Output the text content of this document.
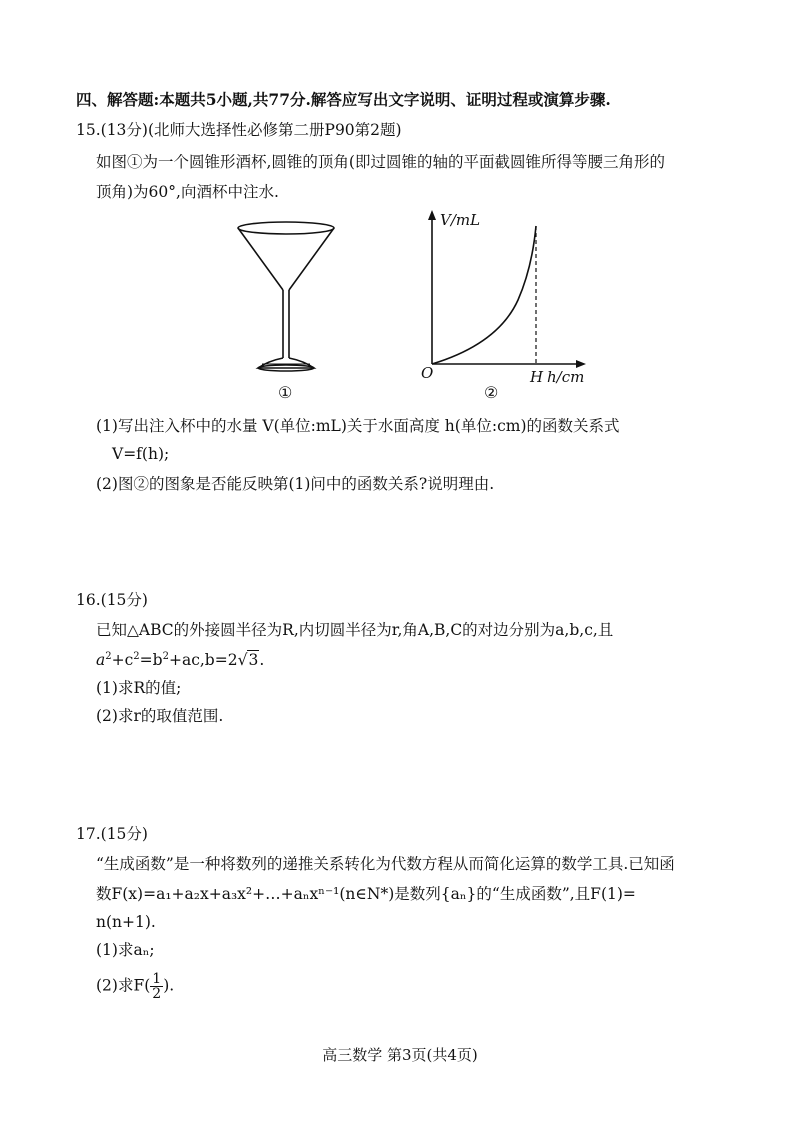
四、解答题:本题共5小题,共77分.解答应写出文字说明、证明过程或演算步骤.
15.(13分)(北师大选择性必修第二册P90第2题)
如图①为一个圆锥形酒杯,圆锥的顶角(即过圆锥的轴的平面截圆锥所得等腰三角形的
顶角)为60°,向酒杯中注水.
①
V/mL
O	H h/cm
②
(1)写出注入杯中的水量 V(单位:mL)关于水面高度 h(单位:cm)的函数关系式
V=f(h);
(2)图②的图象是否能反映第(1)问中的函数关系?说明理由.
16.(15分)
已知△ABC的外接圆半径为R,内切圆半径为r,角A,B,C的对边分别为a,b,c,且
$a^2+c^2=b^2+ac,b=2√3$.
(1)求R的值;
(2)求r的取值范围.
17.(15分)
“生成函数”是一种将数列的递推关系转化为代数方程从而简化运算的数学工具.已知函
数F(x)=a₁+a₂x+a₃x²+…+aₙxⁿ⁻¹(n∈N*)是数列{aₙ}的“生成函数”,且F(1)=
n(n+1).
(1)求aₙ;
(2)求$F( \frac{1}{2}$ ).
高三数学 第3页(共4页)
